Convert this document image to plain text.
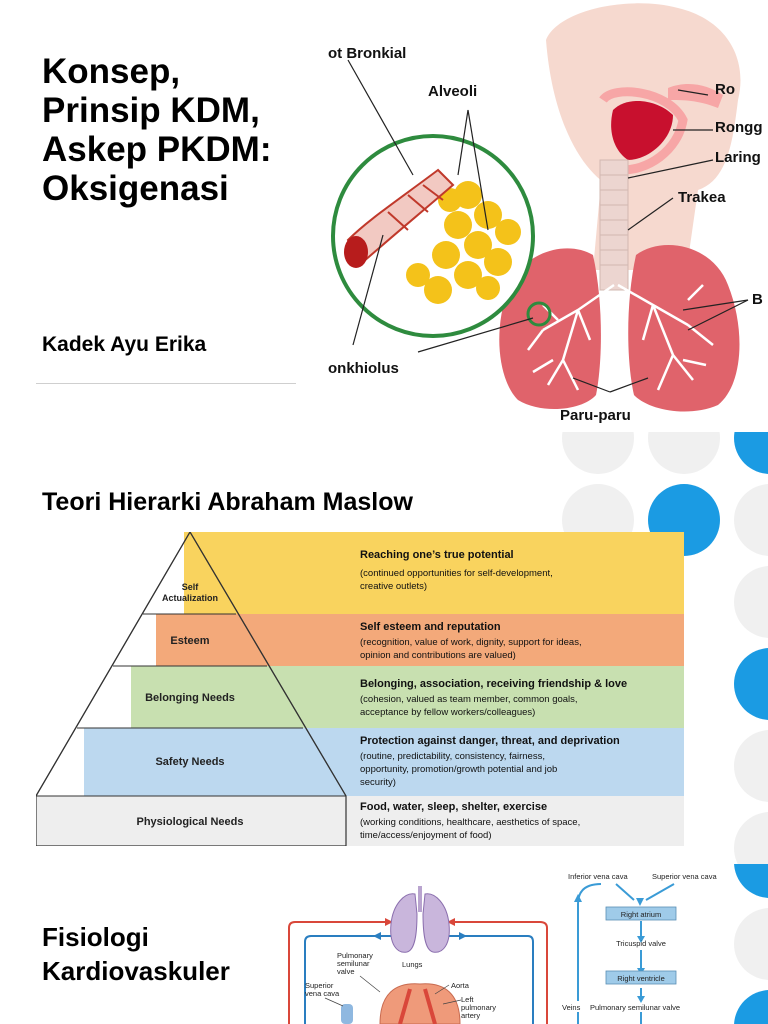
Konsep,
Prinsip KDM,
Askep PKDM:
Oksigenasi
Kadek Ayu Erika
ot Bronkial
Alveoli	Ro
Rongg
Laring
Trakea
B
onkhiolus
Paru-paru
Teori Hierarki Abraham Maslow
Self
Actualization
Esteem
Belonging Needs
Safety Needs
Physiological Needs
Reaching one’s true potential
(continued opportunities for self-development,
creative outlets)
Self esteem and reputation
(recognition, value of work, dignity, support for ideas,
opinion and contributions are valued)
Belonging, association, receiving friendship & love
(cohesion, valued as team member, common goals,
acceptance by fellow workers/colleagues)
Protection against danger, threat, and deprivation
(routine, predictability, consistency, fairness,
opportunity, promotion/growth potential and job
security)
Food, water, sleep, shelter, exercise
(working conditions, healthcare, aesthetics of space,
time/access/enjoyment of food)
Fisiologi
Kardiovaskuler
Pulmonary
semilunar
valve
Lungs
Aorta
Superior
vena cava
Left
pulmonary
artery
Inferior vena cava	Superior vena cava
Right atrium
Tricuspid valve
Right ventricle
Veins Pulmonary semilunar valve
